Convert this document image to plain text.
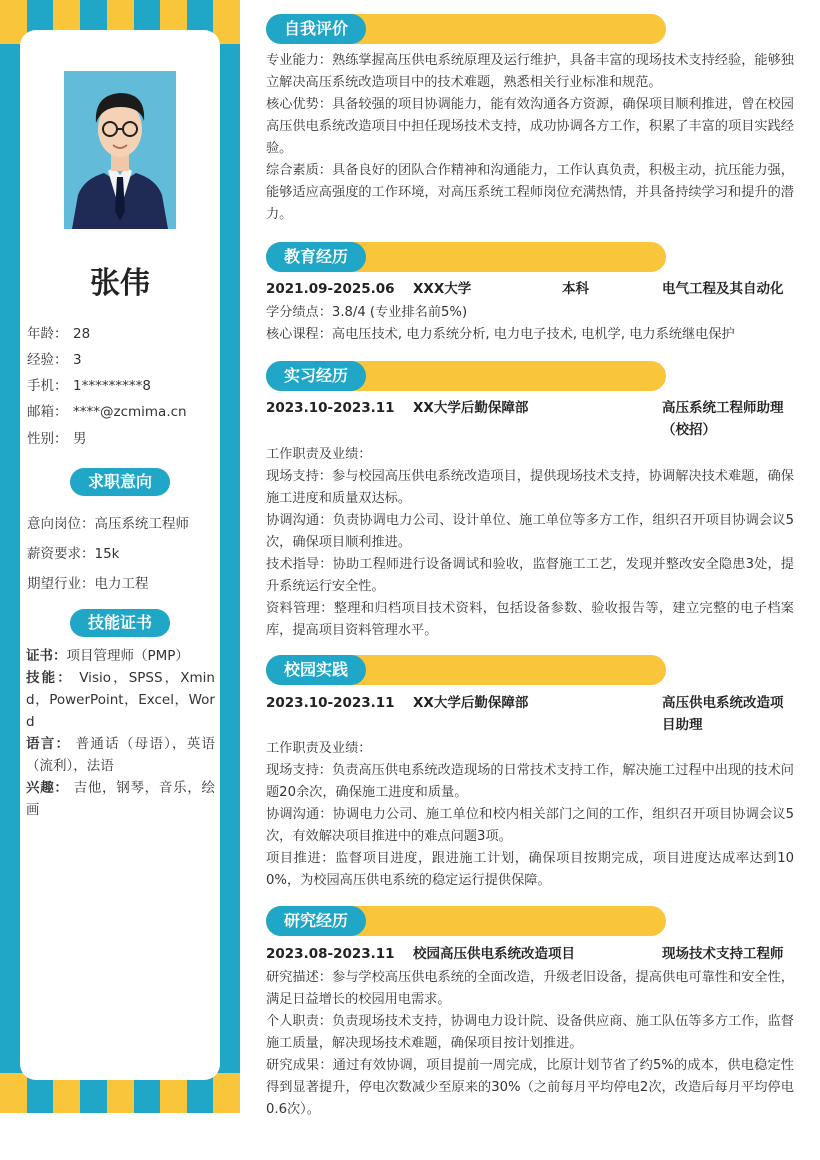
张伟
年龄： 28
经验： 3
手机： 1*********8
邮箱： ****@zcmima.cn
性别： 男
求职意向
意向岗位：高压系统工程师
薪资要求：15k
期望行业：电力工程
技能证书
证书：项目管理师（PMP）
技能： Visio，SPSS，Xmind，PowerPoint，Excel，Word
语言： 普通话（母语），英语（流利），法语
兴趣： 吉他，钢琴，音乐，绘画
自我评价
专业能力：熟练掌握高压供电系统原理及运行维护，具备丰富的现场技术支持经验，能够独立解决高压系统改造项目中的技术难题，熟悉相关行业标准和规范。
核心优势：具备较强的项目协调能力，能有效沟通各方资源，确保项目顺利推进，曾在校园高压供电系统改造项目中担任现场技术支持，成功协调各方工作，积累了丰富的项目实践经验。
综合素质：具备良好的团队合作精神和沟通能力，工作认真负责，积极主动，抗压能力强，能够适应高强度的工作环境，对高压系统工程师岗位充满热情，并具备持续学习和提升的潜力。
教育经历
2021.09-2025.06 XXX大学	本科	电气工程及其自动化
学分绩点：3.8/4 (专业排名前5%)
核心课程：高电压技术, 电力系统分析, 电力电子技术, 电机学, 电力系统继电保护
实习经历
2023.10-2023.11 XX大学后勤保障部	高压系统工程师助理（校招）
工作职责及业绩：
现场支持：参与校园高压供电系统改造项目，提供现场技术支持，协调解决技术难题，确保施工进度和质量双达标。
协调沟通：负责协调电力公司、设计单位、施工单位等多方工作，组织召开项目协调会议5次，确保项目顺利推进。
技术指导：协助工程师进行设备调试和验收，监督施工工艺，发现并整改安全隐患3处，提升系统运行安全性。
资料管理：整理和归档项目技术资料，包括设备参数、验收报告等，建立完整的电子档案库，提高项目资料管理水平。
校园实践
2023.10-2023.11 XX大学后勤保障部	高压供电系统改造项目助理
工作职责及业绩：
现场支持：负责高压供电系统改造现场的日常技术支持工作，解决施工过程中出现的技术问题20余次，确保施工进度和质量。
协调沟通：协调电力公司、施工单位和校内相关部门之间的工作，组织召开项目协调会议5次，有效解决项目推进中的难点问题3项。
项目推进：监督项目进度，跟进施工计划，确保项目按期完成，项目进度达成率达到100%，为校园高压供电系统的稳定运行提供保障。
研究经历
2023.08-2023.11 校园高压供电系统改造项目	现场技术支持工程师
研究描述：参与学校高压供电系统的全面改造，升级老旧设备，提高供电可靠性和安全性，满足日益增长的校园用电需求。
个人职责：负责现场技术支持，协调电力设计院、设备供应商、施工队伍等多方工作，监督施工质量，解决现场技术难题，确保项目按计划推进。
研究成果：通过有效协调，项目提前一周完成，比原计划节省了约5%的成本，供电稳定性得到显著提升，停电次数减少至原来的30%（之前每月平均停电2次，改造后每月平均停电0.6次）。
